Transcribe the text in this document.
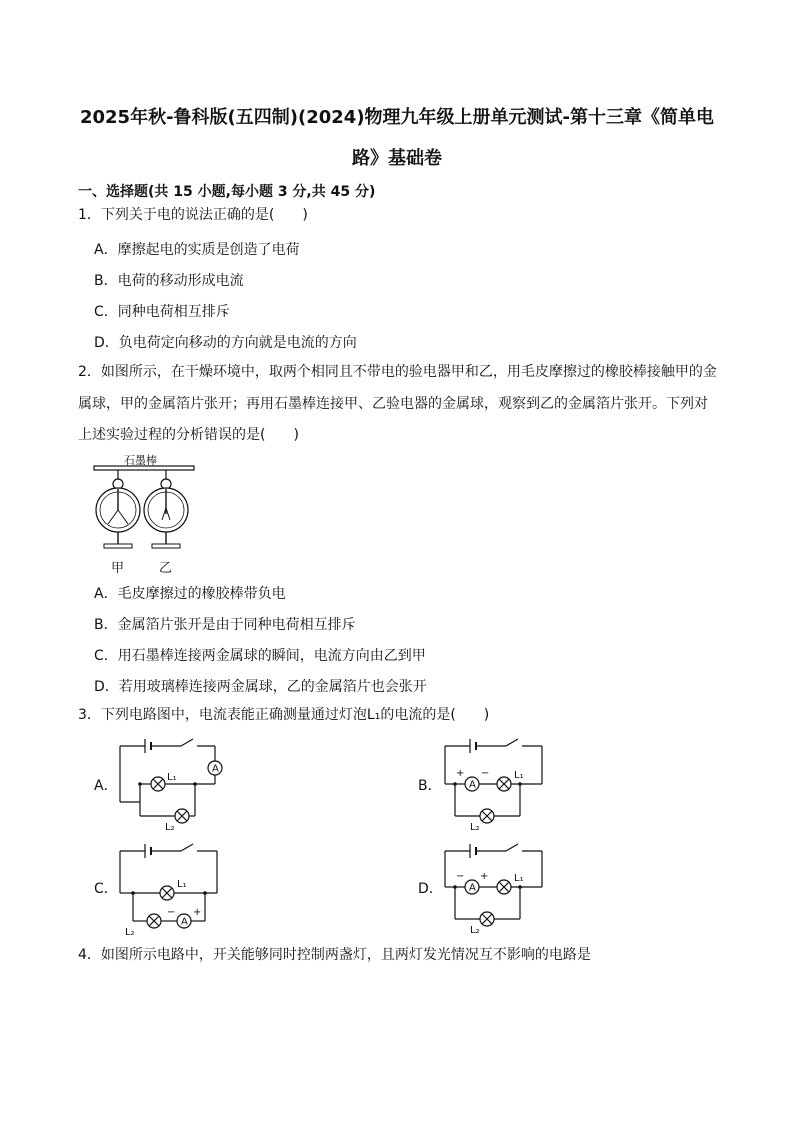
2025年秋-鲁科版(五四制)(2024)物理九年级上册单元测试-第十三章《简单电
路》基础卷
一、选择题(共 15 小题,每小题 3 分,共 45 分)
1．下列关于电的说法正确的是(　　)
A．摩擦起电的实质是创造了电荷
B．电荷的移动形成电流
C．同种电荷相互排斥
D．负电荷定向移动的方向就是电流的方向
2．如图所示，在干燥环境中，取两个相同且不带电的验电器甲和乙，用毛皮摩擦过的橡胶棒接触甲的金
属球，甲的金属箔片张开；再用石墨棒连接甲、乙验电器的金属球，观察到乙的金属箔片张开。下列对
上述实验过程的分析错误的是(　　)
石墨棒
甲	乙
A．毛皮摩擦过的橡胶棒带负电
B．金属箔片张开是由于同种电荷相互排斥
C．用石墨棒连接两金属球的瞬间，电流方向由乙到甲
D．若用玻璃棒连接两金属球，乙的金属箔片也会张开
3．下列电路图中，电流表能正确测量通过灯泡L₁的电流的是(　　)
A．	B．
C．	D．
A
L₁
L₂
A
+ − L₁
L₂
A
L₁
− +
L₂
A
− +	L₁
L₂
4．如图所示电路中，开关能够同时控制两盏灯，且两灯发光情况互不影响的电路是
